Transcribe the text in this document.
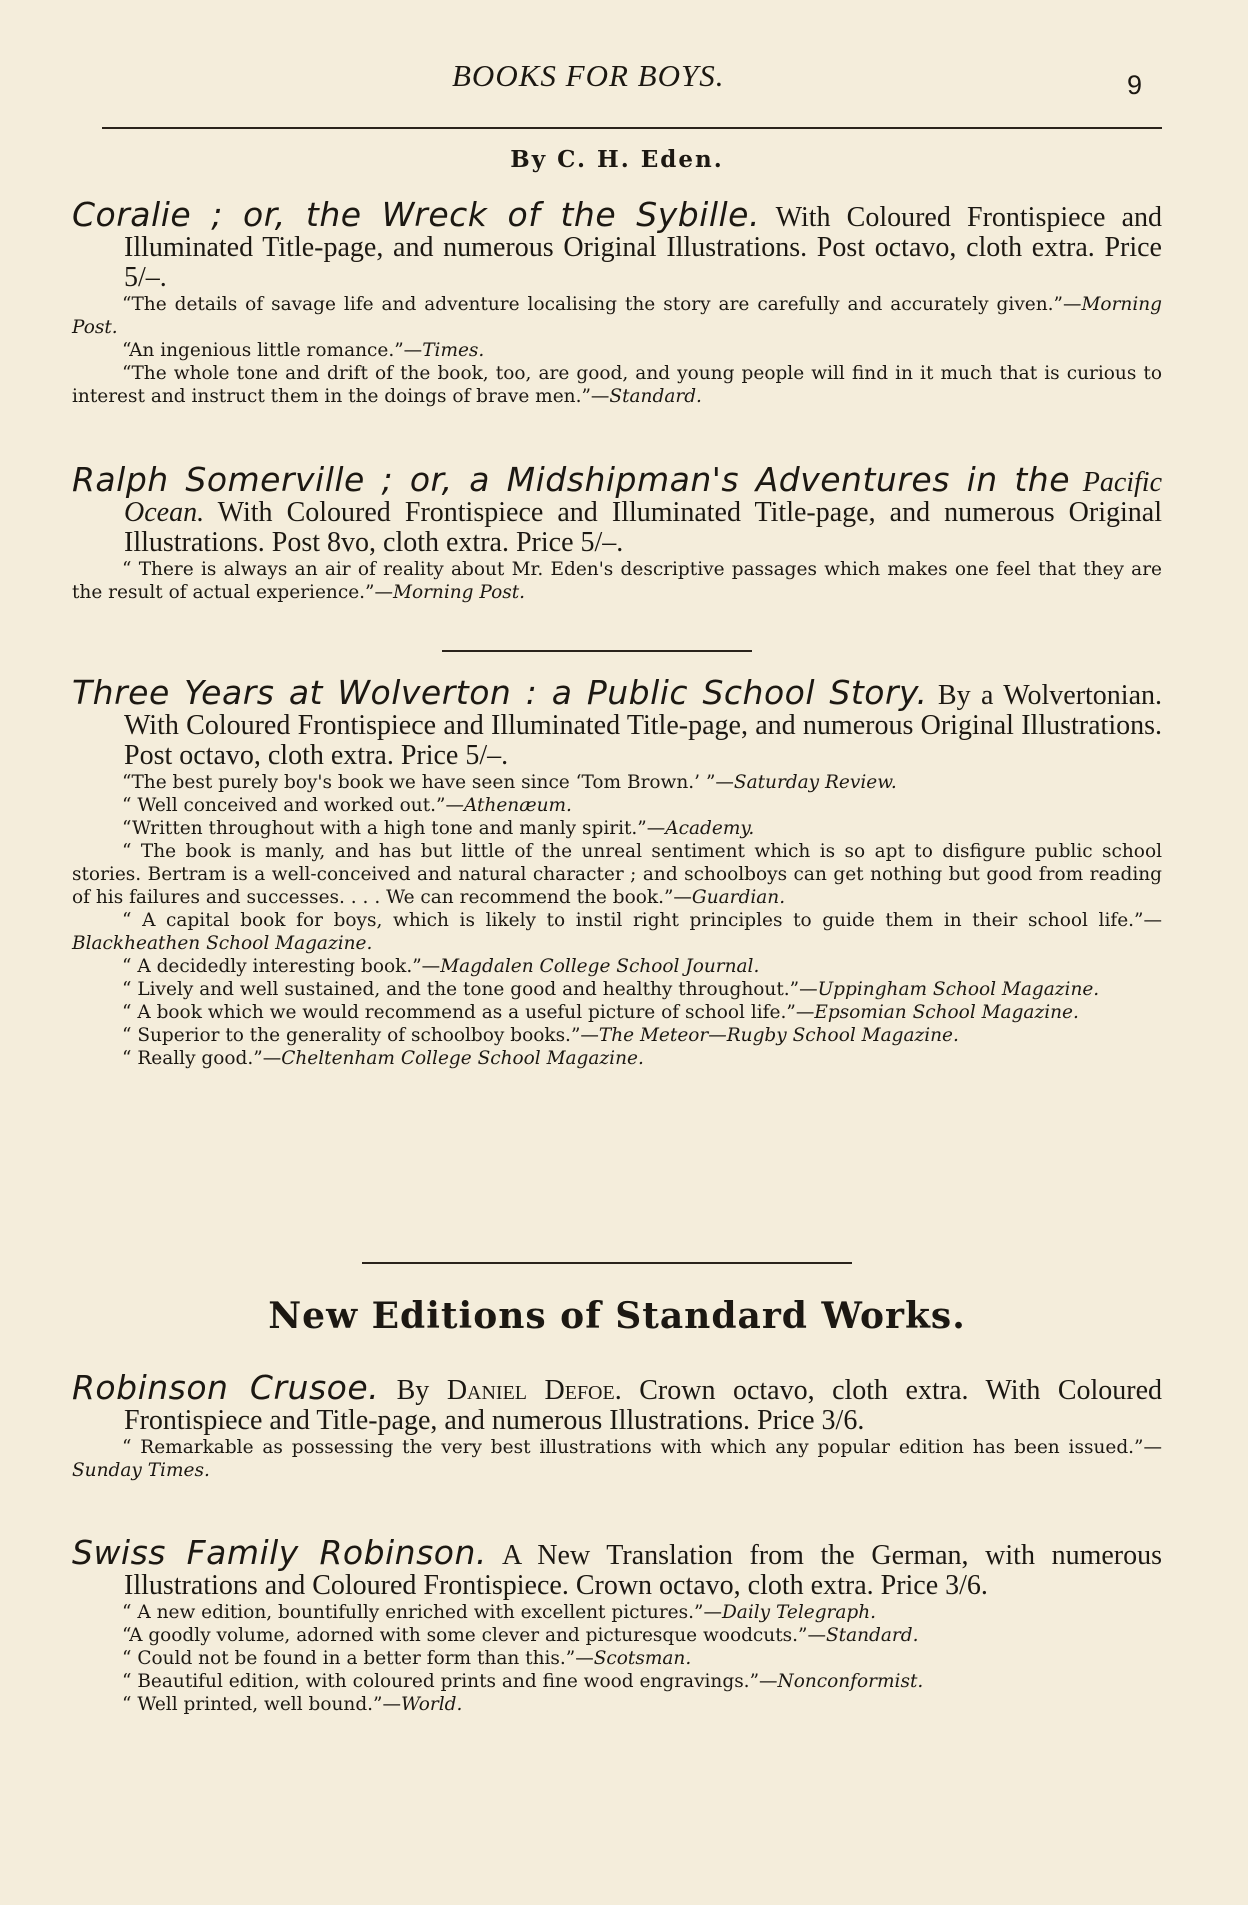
BOOKS FOR BOYS.	9
By C. H. Eden.

Coralie ; or, the Wreck of the Sybille. With Coloured Frontispiece and Illuminated Title-page, and numerous Original Illustrations. Post octavo, cloth extra. Price 5/–.

“The details of savage life and adventure localising the story are carefully and accurately given.”—Morning Post.

“An ingenious little romance.”—Times.

“The whole tone and drift of the book, too, are good, and young people will find in it much that is curious to interest and instruct them in the doings of brave men.”—Standard.

Ralph Somerville ; or, a Midshipman's Adventures in the Pacific Ocean. With Coloured Frontispiece and Illuminated Title-page, and numerous Original Illustrations. Post 8vo, cloth extra. Price 5/–.

“ There is always an air of reality about Mr. Eden's descriptive passages which makes one feel that they are the result of actual experience.”—Morning Post.

Three Years at Wolverton : a Public School Story. By a Wolvertonian. With Coloured Frontispiece and Illuminated Title-page, and numerous Original Illustrations. Post octavo, cloth extra. Price 5/–.

“The best purely boy's book we have seen since ‘Tom Brown.’ ”—Saturday Review.

“ Well conceived and worked out.”—Athenæum.

“Written throughout with a high tone and manly spirit.”—Academy.

“ The book is manly, and has but little of the unreal sentiment which is so apt to disfigure public school stories. Bertram is a well-conceived and natural character ; and schoolboys can get nothing but good from reading of his failures and successes. . . . We can recommend the book.”—Guardian.

“ A capital book for boys, which is likely to instil right principles to guide them in their school life.”—Blackheathen School Magazine.

“ A decidedly interesting book.”—Magdalen College School Journal.

“ Lively and well sustained, and the tone good and healthy throughout.”—Uppingham School Magazine.

“ A book which we would recommend as a useful picture of school life.”—Epsomian School Magazine.

“ Superior to the generality of schoolboy books.”—The Meteor—Rugby School Magazine.

“ Really good.”—Cheltenham College School Magazine.

New Editions of Standard Works.

Robinson Crusoe. By Daniel Defoe. Crown octavo, cloth extra. With Coloured Frontispiece and Title-page, and numerous Illustrations. Price 3/6.

“ Remarkable as possessing the very best illustrations with which any popular edition has been issued.”—Sunday Times.

Swiss Family Robinson. A New Translation from the German, with numerous Illustrations and Coloured Frontispiece. Crown octavo, cloth extra. Price 3/6.

“ A new edition, bountifully enriched with excellent pictures.”—Daily Telegraph.

“A goodly volume, adorned with some clever and picturesque woodcuts.”—Standard.

“ Could not be found in a better form than this.”—Scotsman.

“ Beautiful edition, with coloured prints and fine wood engravings.”—Nonconformist.

“ Well printed, well bound.”—World.
